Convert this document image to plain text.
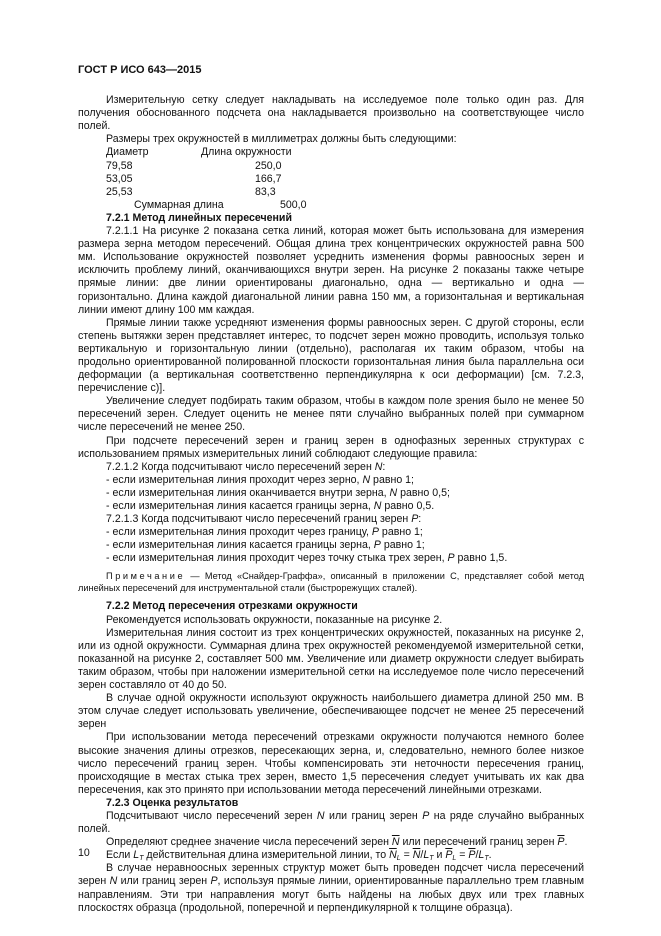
ГОСТ Р ИСО 643—2015

Измерительную сетку следует накладывать на исследуемое поле только один раз. Для получения обоснованного подсчета она накладывается произвольно на соответствующее число полей.

Размеры трех окружностей в миллиметрах должны быть следующими:

Диаметр	Длина окружности
79,58	250,0
53,05	166,7
25,53	83,3
Суммарная длина	500,0
7.2.1 Метод линейных пересечений

7.2.1.1 На рисунке 2 показана сетка линий, которая может быть использована для измерения размера зерна методом пересечений. Общая длина трех концентрических окружностей равна 500 мм. Использование окружностей позволяет усреднить изменения формы равноосных зерен и исключить проблему линий, оканчивающихся внутри зерен. На рисунке 2 показаны также четыре прямые линии: две линии ориентированы диагонально, одна — вертикально и одна — горизонтально. Длина каждой диагональной линии равна 150 мм, а горизонтальная и вертикальная линии имеют длину 100 мм каждая.

Прямые линии также усредняют изменения формы равноосных зерен. С другой стороны, если степень вытяжки зерен представляет интерес, то подсчет зерен можно проводить, используя только вертикальную и горизонтальную линии (отдельно), располагая их таким образом, чтобы на продольно ориентированной полированной плоскости горизонтальная линия была параллельна оси деформации (а вертикальная соответственно перпендикулярна к оси деформации) [см. 7.2.3, перечисление с)].

Увеличение следует подбирать таким образом, чтобы в каждом поле зрения было не менее 50 пересечений зерен. Следует оценить не менее пяти случайно выбранных полей при суммарном числе пересечений не менее 250.

При подсчете пересечений зерен и границ зерен в однофазных зеренных структурах с использованием прямых измерительных линий соблюдают следующие правила:

7.2.1.2 Когда подсчитывают число пересечений зерен N:
- если измерительная линия проходит через зерно, N равно 1;
- если измерительная линия оканчивается внутри зерна, N равно 0,5;
- если измерительная линия касается границы зерна, N равно 0,5.
7.2.1.3 Когда подсчитывают число пересечений границ зерен P:
- если измерительная линия проходит через границу, P равно 1;
- если измерительная линия касается границы зерна, P равно 1;
- если измерительная линия проходит через точку стыка трех зерен, P равно 1,5.

Примечание — Метод «Снайдер-Граффа», описанный в приложении С, представляет собой метод линейных пересечений для инструментальной стали (быстрорежущих сталей).

7.2.2 Метод пересечения отрезками окружности

Рекомендуется использовать окружности, показанные на рисунке 2.

Измерительная линия состоит из трех концентрических окружностей, показанных на рисунке 2, или из одной окружности. Суммарная длина трех окружностей рекомендуемой измерительной сетки, показанной на рисунке 2, составляет 500 мм. Увеличение или диаметр окружности следует выбирать таким образом, чтобы при наложении измерительной сетки на исследуемое поле число пересечений зерен составляло от 40 до 50.

В случае одной окружности используют окружность наибольшего диаметра длиной 250 мм. В этом случае следует использовать увеличение, обеспечивающее подсчет не менее 25 пересечений зерен

При использовании метода пересечений отрезками окружности получаются немного более высокие значения длины отрезков, пересекающих зерна, и, следовательно, немного более низкое число пересечений границ зерен. Чтобы компенсировать эти неточности пересечения границ, происходящие в местах стыка трех зерен, вместо 1,5 пересечения следует учитывать их как два пересечения, как это принято при использовании метода пересечений линейными отрезками.

7.2.3 Оценка результатов

Подсчитывают число пересечений зерен N или границ зерен P на ряде случайно выбранных полей.

Определяют среднее значение числа пересечений зерен $\overline{N}$ или пересечений границ зерен $\overline{P}$.

Если $L_T$ действительная длина измерительной линии, то $\overline{N}_L = \overline{N}/L_T$ и $\overline{P}_L = \overline{P}/L_T$.

В случае неравноосных зеренных структур может быть проведен подсчет числа пересечений зерен N или границ зерен P, используя прямые линии, ориентированные параллельно трем главным направлениям. Эти три направления могут быть найдены на любых двух или трех главных плоскостях образца (продольной, поперечной и перпендикулярной к толщине образца).

10
